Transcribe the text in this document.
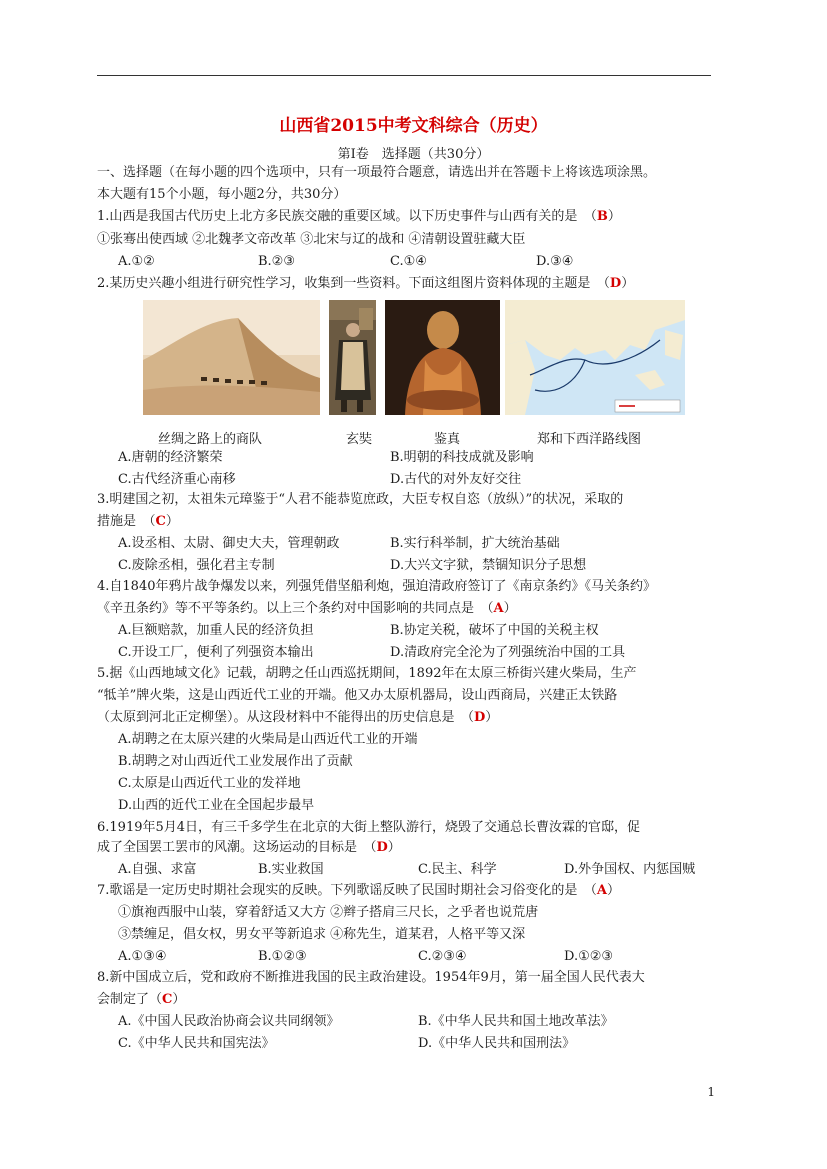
山西省2015中考文科综合（历史）
第Ⅰ卷　选择题（共30分）
一、选择题（在每小题的四个选项中，只有一项最符合题意，请选出并在答题卡上将该选项涂黑。
本大题有15个小题，每小题2分，共30分）
1.山西是我国古代历史上北方多民族交融的重要区域。以下历史事件与山西有关的是　（B）
①张骞出使西域 ②北魏孝文帝改革 ③北宋与辽的战和 ④清朝设置驻藏大臣
A.①②	B.②③	C.①④	D.③④
2.某历史兴趣小组进行研究性学习，收集到一些资料。下面这组图片资料体现的主题是　（D）
丝绸之路上的商队	玄奘	鉴真	郑和下西洋路线图
A.唐朝的经济繁荣	B.明朝的科技成就及影响
C.古代经济重心南移	D.古代的对外友好交往
3.明建国之初，太祖朱元璋鉴于“人君不能恭览庶政，大臣专权自恣（放纵）”的状况，采取的
措施是　（C）
A.设丞相、太尉、御史大夫，管理朝政	B.实行科举制，扩大统治基础
C.废除丞相，强化君主专制	D.大兴文字狱，禁锢知识分子思想
4.自1840年鸦片战争爆发以来，列强凭借坚船利炮，强迫清政府签订了《南京条约》《马关条约》
《辛丑条约》等不平等条约。以上三个条约对中国影响的共同点是　（A）
A.巨额赔款，加重人民的经济负担	B.协定关税，破坏了中国的关税主权
C.开设工厂，便利了列强资本输出	D.清政府完全沦为了列强统治中国的工具
5.据《山西地域文化》记载，胡聘之任山西巡抚期间，1892年在太原三桥街兴建火柴局，生产
“牴羊”牌火柴，这是山西近代工业的开端。他又办太原机器局，设山西商局，兴建正太铁路
（太原到河北正定柳堡）。从这段材料中不能得出的历史信息是　（D）
A.胡聘之在太原兴建的火柴局是山西近代工业的开端
B.胡聘之对山西近代工业发展作出了贡献
C.太原是山西近代工业的发祥地
D.山西的近代工业在全国起步最早
6.1919年5月4日，有三千多学生在北京的大街上整队游行，烧毁了交通总长曹汝霖的官邸，促
成了全国罢工罢市的风潮。这场运动的目标是　（D）
A.自强、求富	B.实业救国	C.民主、科学	D.外争国权、内惩国贼
7.歌谣是一定历史时期社会现实的反映。下列歌谣反映了民国时期社会习俗变化的是　（A）
①旗袍西服中山装，穿着舒适又大方 ②辫子搭肩三尺长，之乎者也说荒唐
③禁缠足，倡女权，男女平等新追求 ④称先生，道某君，人格平等又深
A.①③④	B.①②③	C.②③④	D.①②③
8.新中国成立后，党和政府不断推进我国的民主政治建设。1954年9月，第一届全国人民代表大
会制定了（C）
A.《中国人民政治协商会议共同纲领》	B.《中华人民共和国土地改革法》
C.《中华人民共和国宪法》	D.《中华人民共和国刑法》
1
